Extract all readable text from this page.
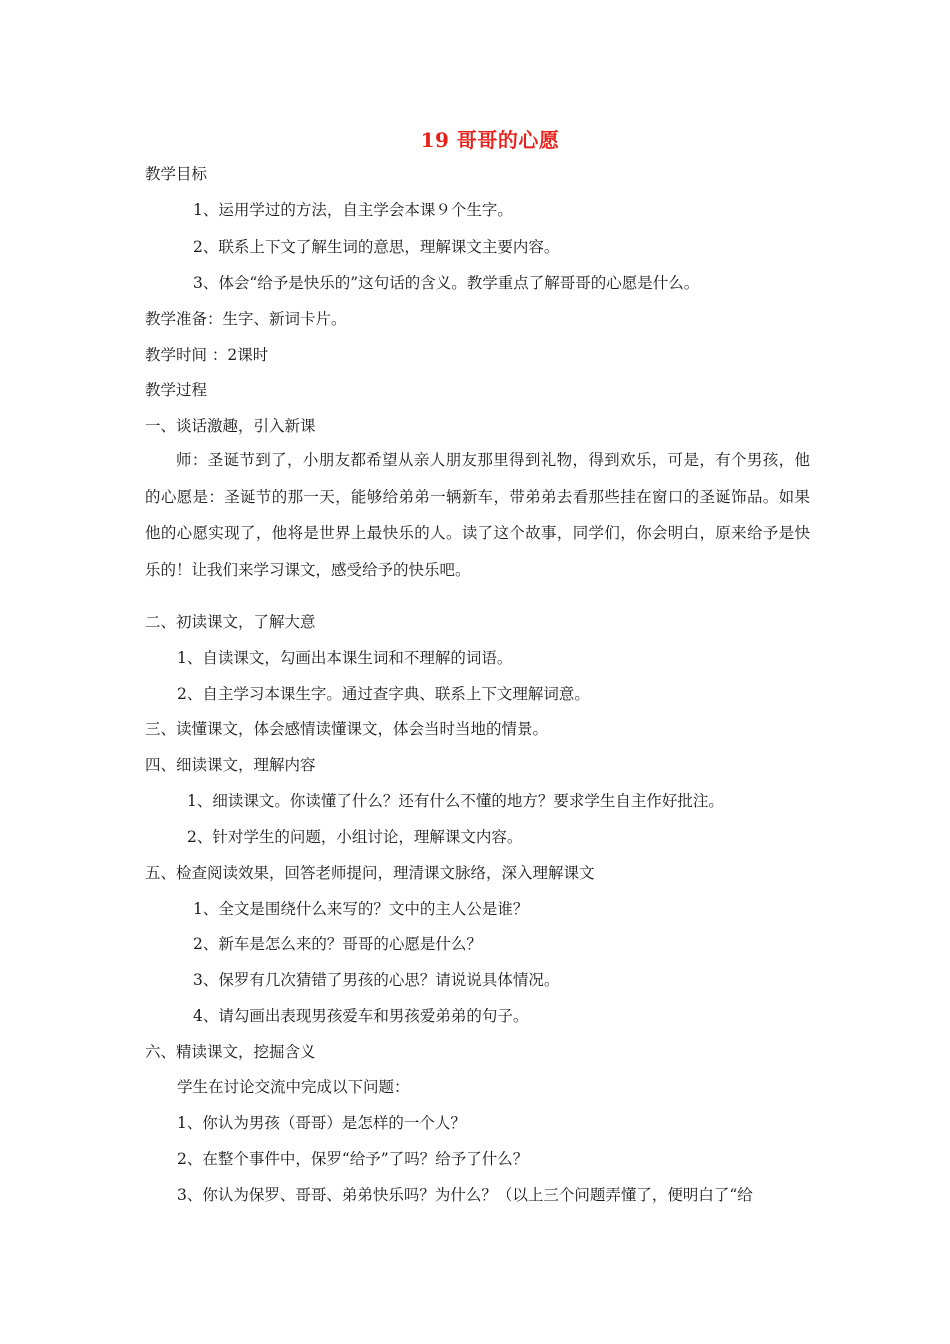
19 哥哥的心愿
教学目标
1、运用学过的方法，自主学会本课９个生字。
2、联系上下文了解生词的意思，理解课文主要内容。
3、体会“给予是快乐的”这句话的含义。教学重点了解哥哥的心愿是什么。
教学准备：生字、新词卡片。
教学时间 ：2课时
教学过程
一、谈话激趣，引入新课
师：圣诞节到了，小朋友都希望从亲人朋友那里得到礼物，得到欢乐，可是，有个男孩，他的心愿是：圣诞节的那一天，能够给弟弟一辆新车，带弟弟去看那些挂在窗口的圣诞饰品。如果他的心愿实现了，他将是世界上最快乐的人。读了这个故事，同学们，你会明白，原来给予是快乐的！让我们来学习课文，感受给予的快乐吧。
二、初读课文，了解大意
1、自读课文，勾画出本课生词和不理解的词语。
2、自主学习本课生字。通过查字典、联系上下文理解词意。
三、读懂课文，体会感情读懂课文，体会当时当地的情景。
四、细读课文，理解内容
1、细读课文。你读懂了什么？还有什么不懂的地方？要求学生自主作好批注。
2、针对学生的问题，小组讨论，理解课文内容。
五、检查阅读效果，回答老师提问，理清课文脉络，深入理解课文
1、全文是围绕什么来写的？文中的主人公是谁？
2、新车是怎么来的？哥哥的心愿是什么？
3、保罗有几次猜错了男孩的心思？请说说具体情况。
4、请勾画出表现男孩爱车和男孩爱弟弟的句子。
六、精读课文，挖掘含义
学生在讨论交流中完成以下问题：
1、你认为男孩（哥哥）是怎样的一个人？
2、在整个事件中，保罗“给予”了吗？给予了什么？
3、你认为保罗、哥哥、弟弟快乐吗？为什么？（以上三个问题弄懂了，便明白了“给
